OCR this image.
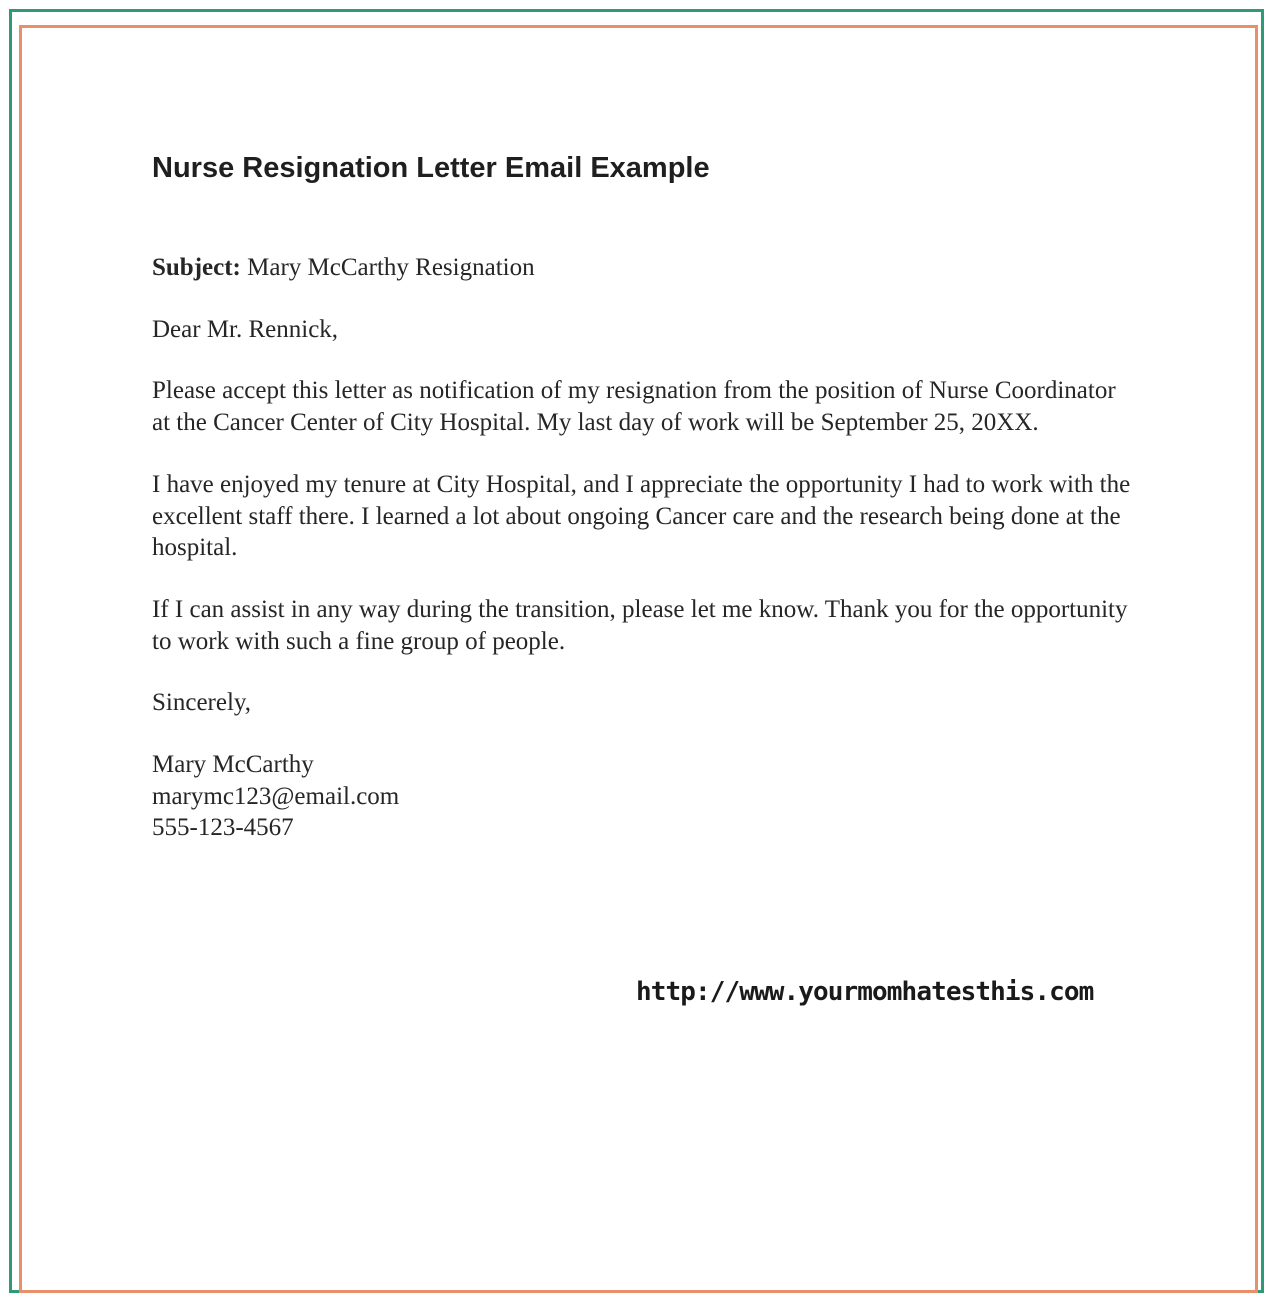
Nurse Resignation Letter Email Example

Subject: Mary McCarthy Resignation

Dear Mr. Rennick,

Please accept this letter as notification of my resignation from the position of Nurse Coordinator at the Cancer Center of City Hospital. My last day of work will be September 25, 20XX.

I have enjoyed my tenure at City Hospital, and I appreciate the opportunity I had to work with the excellent staff there. I learned a lot about ongoing Cancer care and the research being done at the hospital.

If I can assist in any way during the transition, please let me know. Thank you for the opportunity to work with such a fine group of people.

Sincerely,

Mary McCarthy
marymc123@email.com
555-123-4567
http://www.yourmomhatesthis.com
